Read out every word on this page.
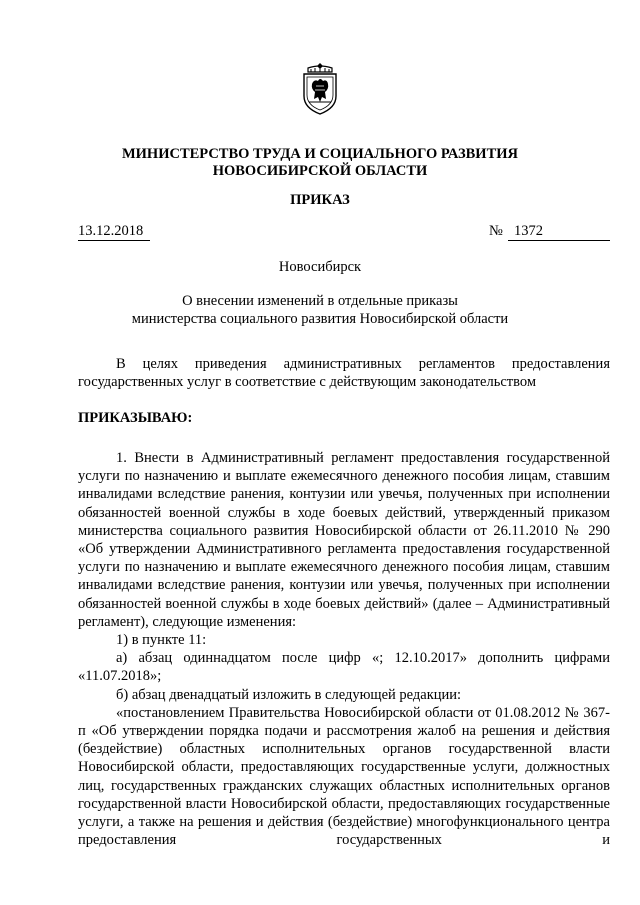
МИНИСТЕРСТВО ТРУДА И СОЦИАЛЬНОГО РАЗВИТИЯ
НОВОСИБИРСКОЙ ОБЛАСТИ
ПРИКАЗ
13.12.2018	№ 1372
Новосибирск
О внесении изменений в отдельные приказы
министерства социального развития Новосибирской области

В целях приведения административных регламентов предоставления государственных услуг в соответствие с действующим законодательством

ПРИКАЗЫВАЮ:

1. Внести в Административный регламент предоставления государственной услуги по назначению и выплате ежемесячного денежного пособия лицам, ставшим инвалидами вследствие ранения, контузии или увечья, полученных при исполнении обязанностей военной службы в ходе боевых действий, утвержденный приказом министерства социального развития Новосибирской области от 26.11.2010 № 290 «Об утверждении Административного регламента предоставления государственной услуги по назначению и выплате ежемесячного денежного пособия лицам, ставшим инвалидами вследствие ранения, контузии или увечья, полученных при исполнении обязанностей военной службы в ходе боевых действий» (далее – Административный регламент), следующие изменения:

1) в пункте 11:

а) абзац одиннадцатом после цифр «; 12.10.2017» дополнить цифрами «11.07.2018»;

б) абзац двенадцатый изложить в следующей редакции:

«постановлением Правительства Новосибирской области от 01.08.2012 № 367-п «Об утверждении порядка подачи и рассмотрения жалоб на решения и действия (бездействие) областных исполнительных органов государственной власти Новосибирской области, предоставляющих государственные услуги, должностных лиц, государственных гражданских служащих областных исполнительных органов государственной власти Новосибирской области, предоставляющих государственные услуги, а также на решения и действия (бездействие) многофункционального центра предоставления государственных и
